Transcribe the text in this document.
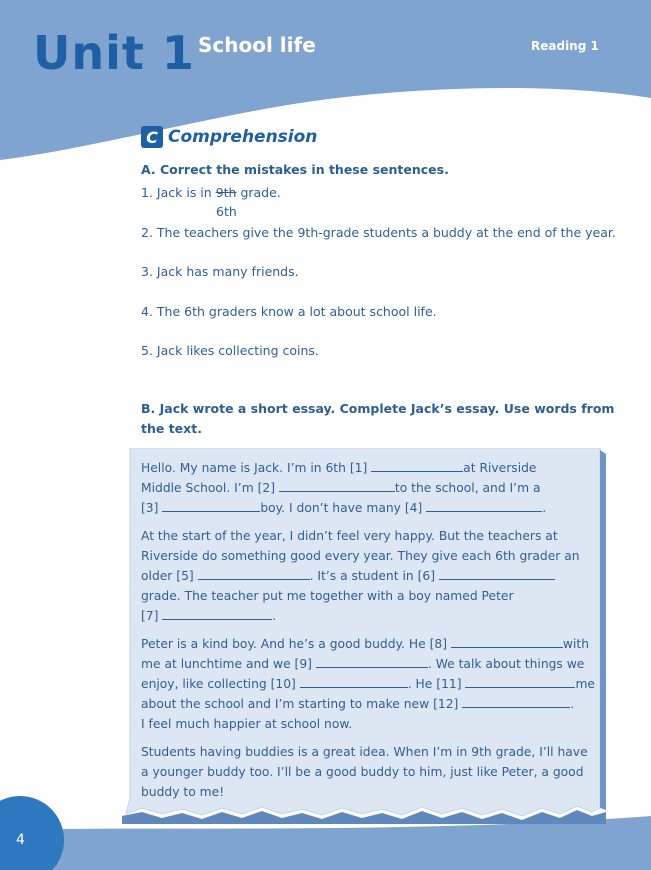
Unit 1 School life	Reading 1
C Comprehension
A. Correct the mistakes in these sentences.
1. Jack is in 9th grade.
6th
2. The teachers give the 9th-grade students a buddy at the end of the year.
3. Jack has many friends.
4. The 6th graders know a lot about school life.
5. Jack likes collecting coins.
B. Jack wrote a short essay. Complete Jack’s essay. Use words from
the text.
Hello. My name is Jack. I’m in 6th [1]	at Riverside
Middle School. I’m [2]	to the school, and I’m a
[3]	boy. I don’t have many [4]	.
At the start of the year, I didn’t feel very happy. But the teachers at
Riverside do something good every year. They give each 6th grader an
older [5]	. It’s a student in [6]
grade. The teacher put me together with a boy named Peter
[7]	.
Peter is a kind boy. And he’s a good buddy. He [8]	with
me at lunchtime and we [9]	. We talk about things we
enjoy, like collecting [10]	. He [11]	me
about the school and I’m starting to make new [12]	.
I feel much happier at school now.
Students having buddies is a great idea. When I’m in 9th grade, I’ll have
a younger buddy too. I’ll be a good buddy to him, just like Peter, a good
buddy to me!
4
